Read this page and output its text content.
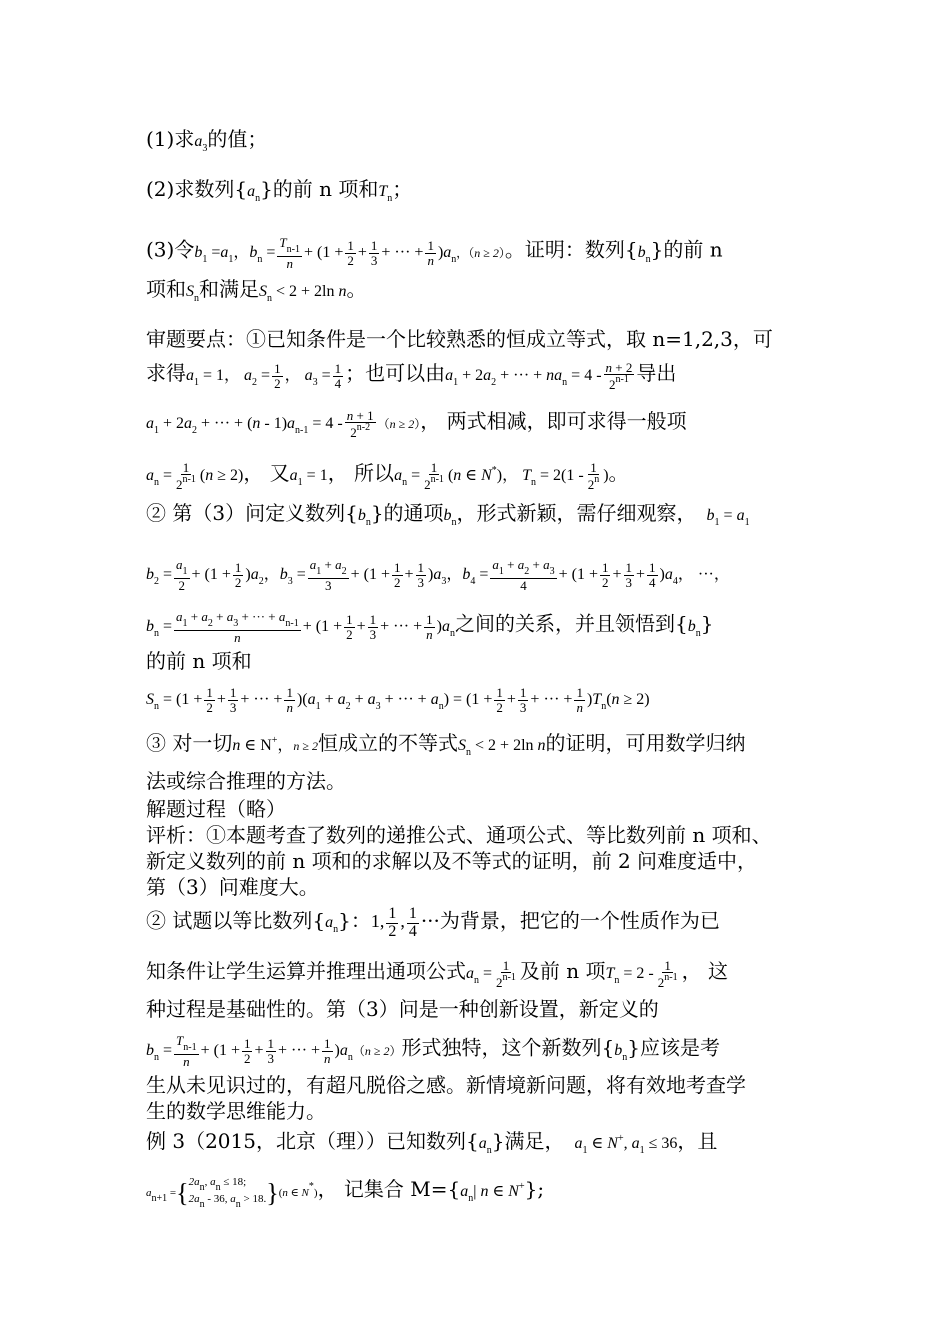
(1)求$a_3$的值；
(2)求数列$\{a_n\}$的前 n 项和$T_n$；
(3)令$b_1 =a_1$，$b_n = \frac{T_{n-1}}{n} + (1 + \frac{1}{2} + \frac{1}{3}$ + ··· + $\frac{1}{n} )a_n$，（n ≥ 2）。证明：数列$\{b_n\}$的前 n
项和$S_n$和满足$S_n < 2 + 2\ln$ n。
审题要点：①已知条件是一个比较熟悉的恒成立等式，取 n=1,2,3，可
求得$a_1 = 1$， $a_2 = \frac{1}{2}$ ， $a_3 = \frac{1}{4}$ ；也可以由$a_1 + 2a_2$ + ··· + $na_n = 4 - \frac{n + 2}{2^{n-1}}$ 导出
$a_1 + 2a_2$ + ··· + $(n - 1)a_{n-1} = 4 - \frac{n + 1}{2^{n-2}} (n \ge 2)$， 两式相减，即可求得一般项
$a_n = \frac{1}{2^{n-1}} (n \ge 2)$， 又$a_1 = 1$， 所以$a_n = \frac{1}{2^{n-1}} (n$ ∈ N*)， $T_n = 2(1 - \frac{1}{2^n}$ )。
② 第（3）问定义数列$\{b_n\}$的通项$b_n$，形式新颖，需仔细观察， $b_1 = a_1$
$b_2 = \frac{a_1}{2} + (1 + \frac{1}{2} )a_2$，$b_3 = \frac{a_1 + a_2}{3} + (1 + \frac{1}{2} + \frac{1}{3} )a_3$，$b_4 = \frac{a_1 + a_2 + a_3}{4} + (1 + \frac{1}{2} + \frac{1}{3} + \frac{1}{4} )a_4$， ···，
$b_n = \frac{a_1 + a_2 + a_3 + \cdot\cdot\cdot + a_{n-1}}{n} + (1 + \frac{1}{2} + \frac{1}{3}$ + ··· + $\frac{1}{n} )a_n$之间的关系，并且领悟到$\{b_n\}$
的前 n 项和
$S_n = (1 + \frac{1}{2} + \frac{1}{3}$ + ··· + $\frac{1}{n} )(a_1 + a_2 + a_3$ + ··· + $a_n) = (1 + \frac{1}{2} + \frac{1}{3}$ + ··· + $\frac{1}{n} )T_n(n \ge 2)$
③ 对一切n ∈ N+，n ≥ 2恒成立的不等式$S_n < 2 + 2\ln$ n的证明，可用数学归纳
法或综合推理的方法。
解题过程（略）
评析：①本题考查了数列的递推公式、通项公式、等比数列前 n 项和、
新定义数列的前 n 项和的求解以及不等式的证明，前 2 问难度适中，
第（3）问难度大。
② 试题以等比数列$\{a_n\}$：1, $\frac{1}{2}$ , $\frac{1}{4}$ ···为背景，把它的一个性质作为已
知条件让学生运算并推理出通项公式$a_n = \frac{1}{2^{n-1}}$ 及前 n 项$T_n = 2 - \frac{1}{2^{n-1}}$ ， 这
种过程是基础性的。第（3）问是一种创新设置，新定义的
$b_n = \frac{T_{n-1}}{n} + (1 + \frac{1}{2} + \frac{1}{3}$ + ··· + $\frac{1}{n} )a_n(n \ge 2)$形式独特，这个新数列$\{b_n\}$应该是考
生从未见识过的，有超凡脱俗之感。新情境新问题，将有效地考查学
生的数学思维能力。
例 3（2015，北京（理））已知数列$\{a_n\}$满足， $a_1$ ∈ N+, $a_1 \le 36$，且
an+1 ={ 2an, an ≤ 18;
2an - 36, an > 18. }(n ∈ N*)， 记集合 $M=\{a_n|$ n ∈ N+};
